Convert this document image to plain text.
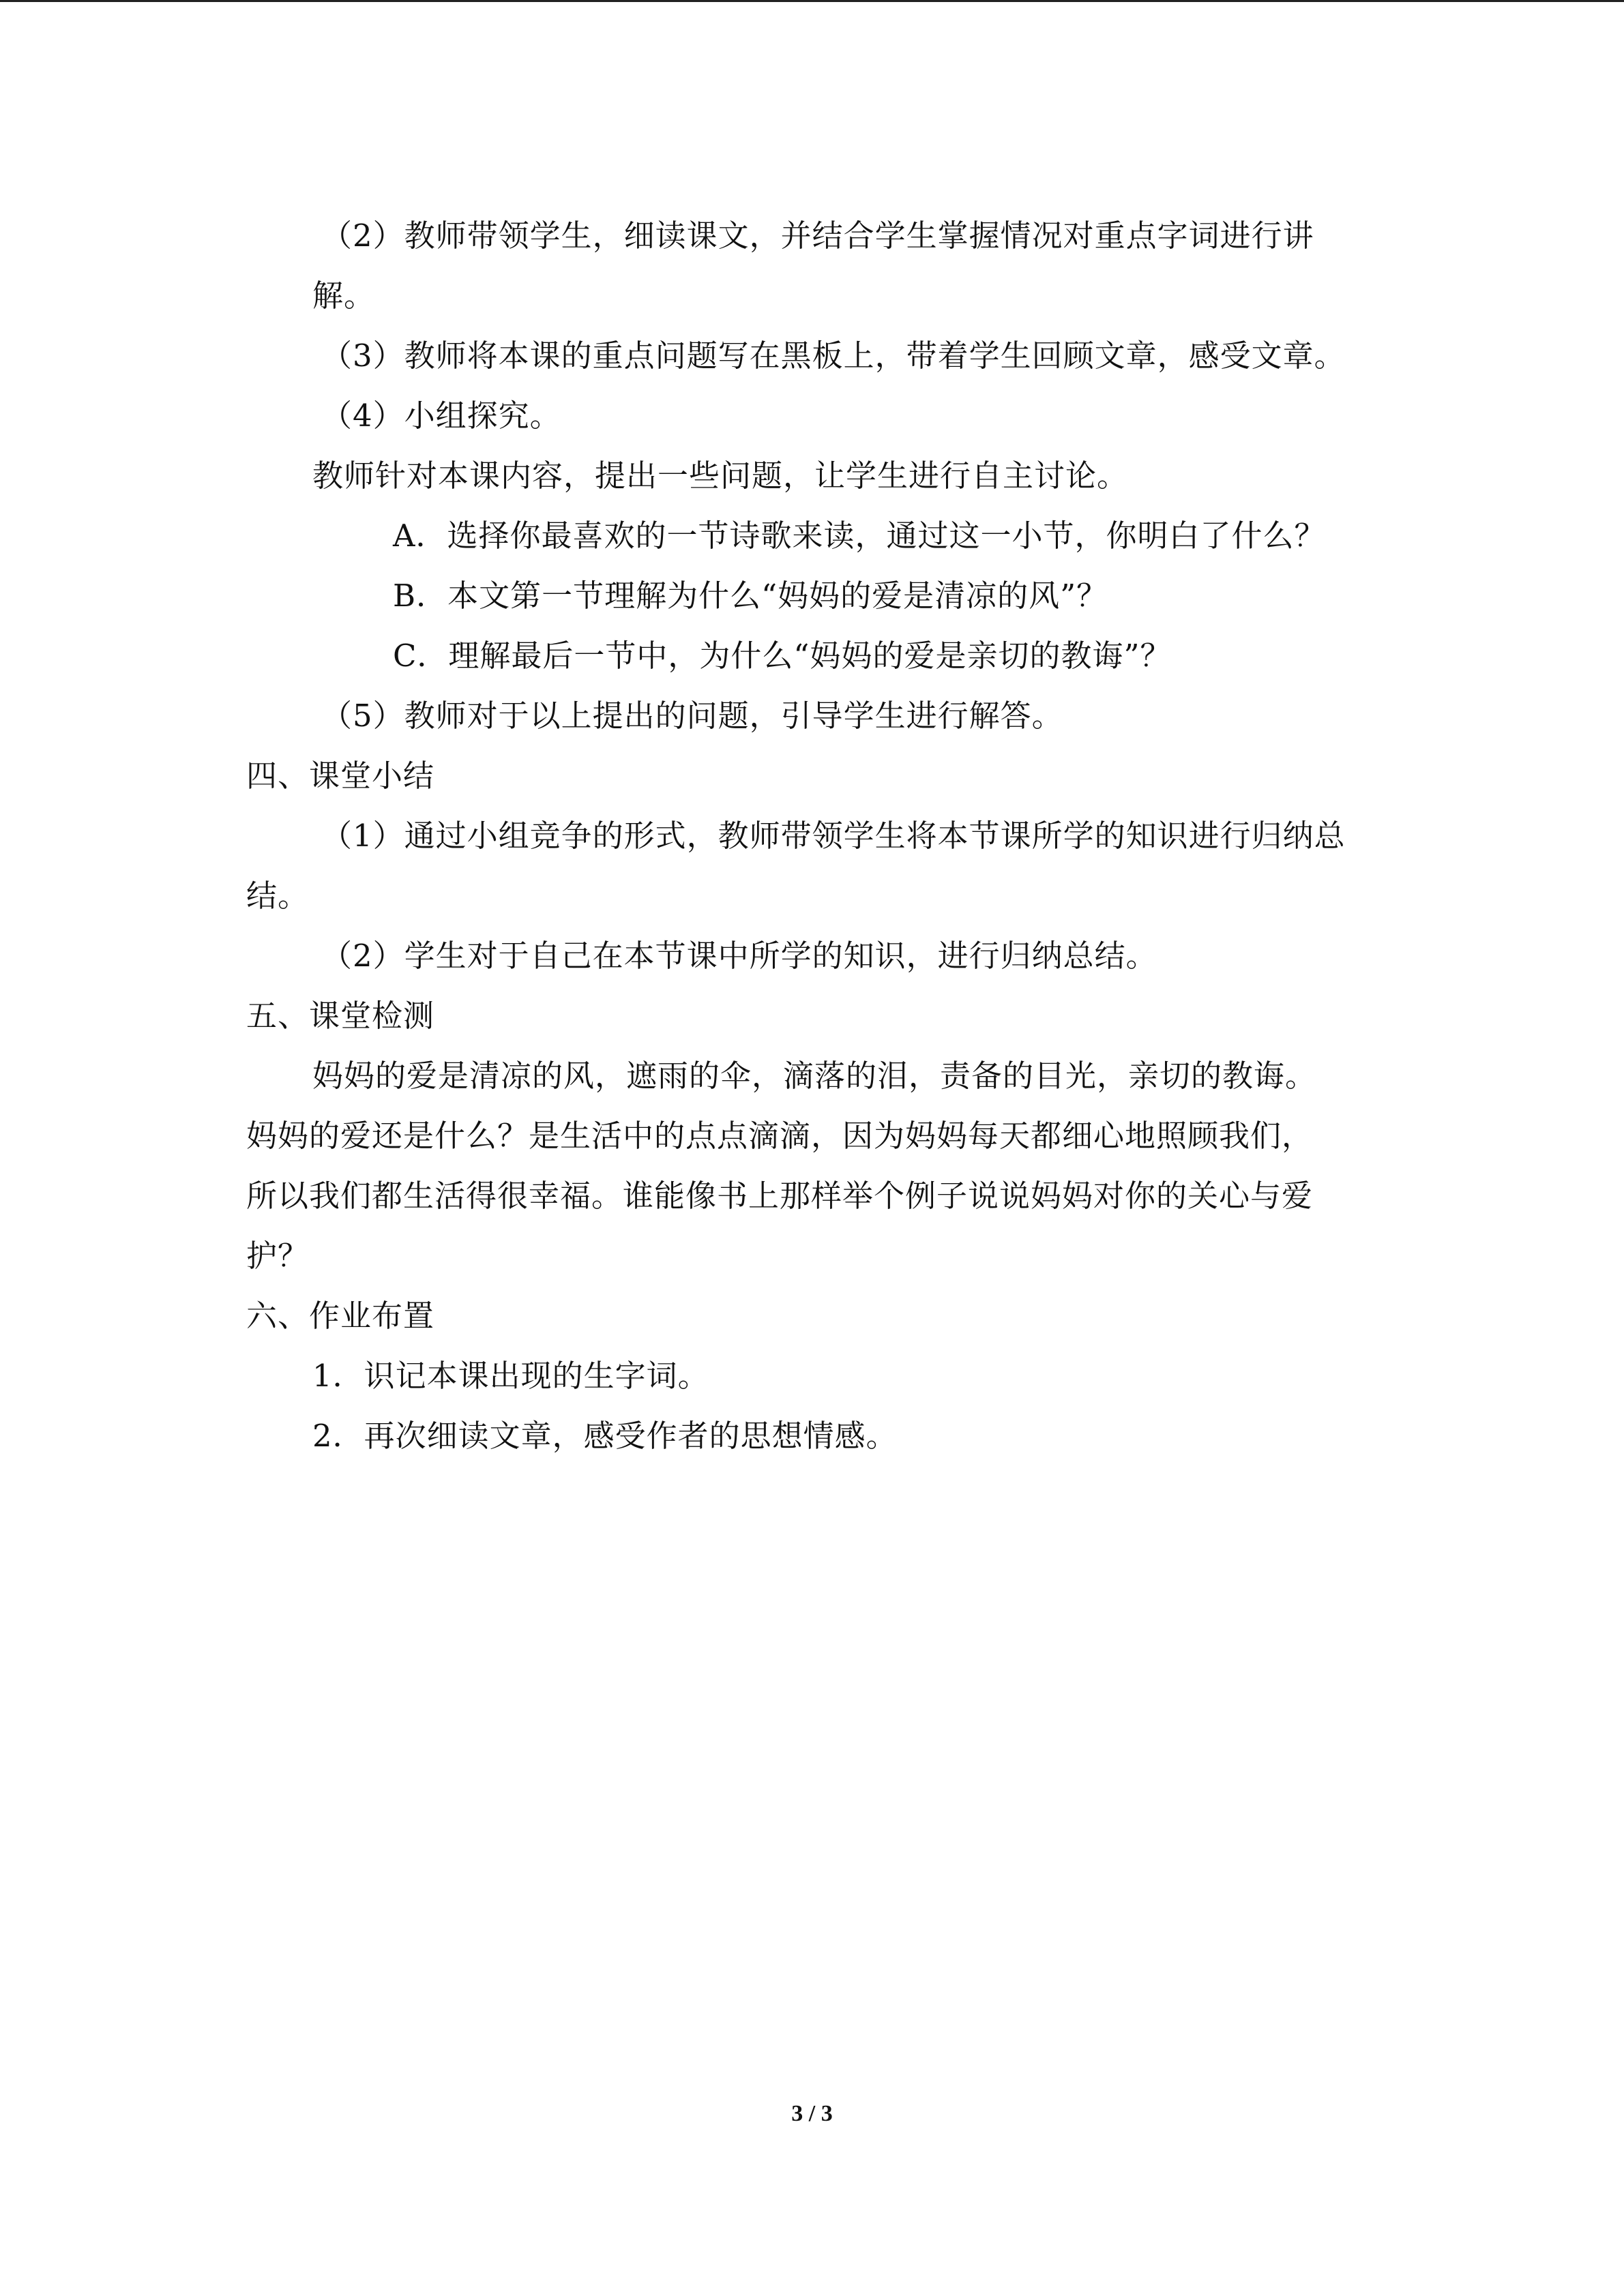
（2）教师带领学生，细读课文，并结合学生掌握情况对重点字词进行讲
解。
（3）教师将本课的重点问题写在黑板上，带着学生回顾文章，感受文章。
（4）小组探究。
教师针对本课内容，提出一些问题，让学生进行自主讨论。
A．选择你最喜欢的一节诗歌来读，通过这一小节，你明白了什么？
B．本文第一节理解为什么“妈妈的爱是清凉的风”？
C．理解最后一节中，为什么“妈妈的爱是亲切的教诲”？
（5）教师对于以上提出的问题，引导学生进行解答。
四、课堂小结
（1）通过小组竞争的形式，教师带领学生将本节课所学的知识进行归纳总
结。
（2）学生对于自己在本节课中所学的知识，进行归纳总结。
五、课堂检测
妈妈的爱是清凉的风，遮雨的伞，滴落的泪，责备的目光，亲切的教诲。
妈妈的爱还是什么？是生活中的点点滴滴，因为妈妈每天都细心地照顾我们，
所以我们都生活得很幸福。谁能像书上那样举个例子说说妈妈对你的关心与爱
护？
六、作业布置
1．识记本课出现的生字词。
2．再次细读文章，感受作者的思想情感。
3 / 3
